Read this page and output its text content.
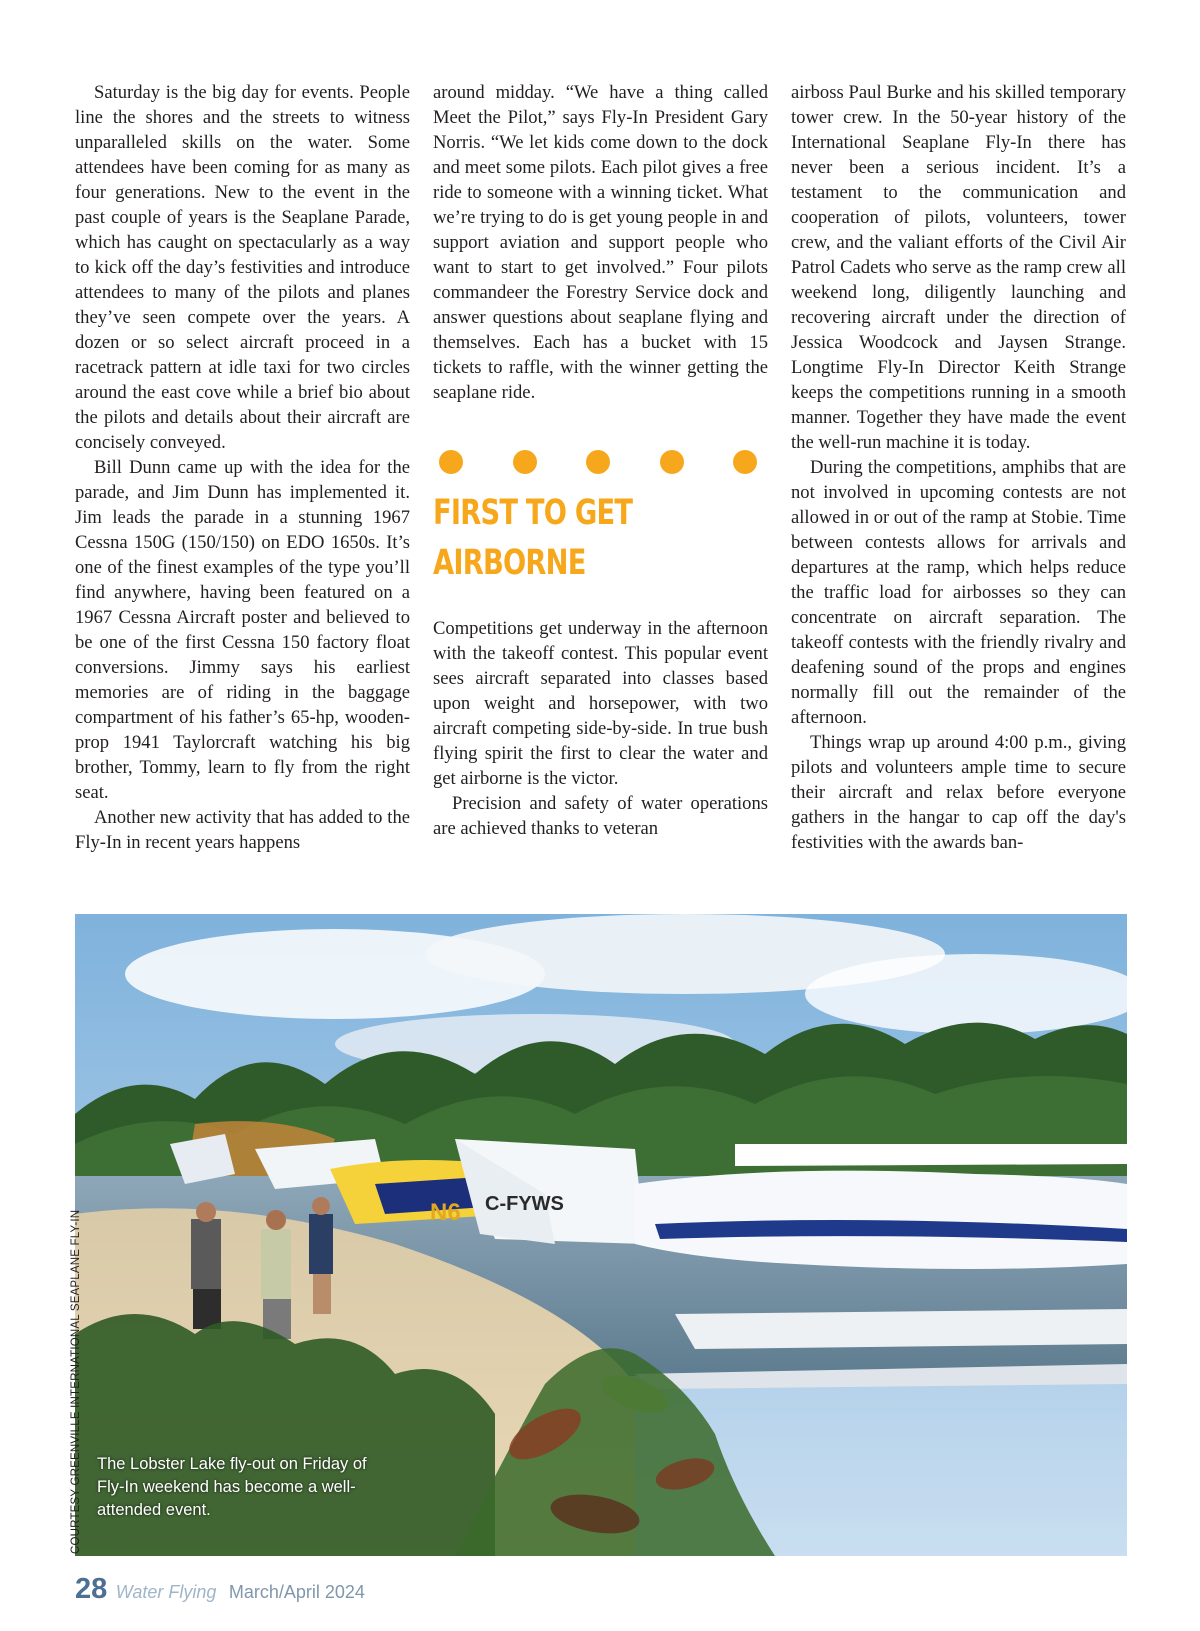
Saturday is the big day for events. People line the shores and the streets to witness unparalleled skills on the water. Some attendees have been coming for as many as four generations. New to the event in the past couple of years is the Seaplane Parade, which has caught on spectacularly as a way to kick off the day’s festivities and introduce attendees to many of the pilots and planes they’ve seen compete over the years. A dozen or so select aircraft proceed in a racetrack pattern at idle taxi for two circles around the east cove while a brief bio about the pilots and details about their aircraft are concisely conveyed.

Bill Dunn came up with the idea for the parade, and Jim Dunn has implemented it. Jim leads the parade in a stunning 1967 Cessna 150G (150/150) on EDO 1650s. It’s one of the finest examples of the type you’ll find anywhere, having been featured on a 1967 Cessna Aircraft poster and believed to be one of the first Cessna 150 factory float conversions. Jimmy says his earliest memories are of riding in the baggage compartment of his father’s 65-hp, wooden-prop 1941 Taylorcraft watching his big brother, Tommy, learn to fly from the right seat.

Another new activity that has added to the Fly-In in recent years happens

around midday. “We have a thing called Meet the Pilot,” says Fly-In President Gary Norris. “We let kids come down to the dock and meet some pilots. Each pilot gives a free ride to someone with a winning ticket. What we’re trying to do is get young people in and support aviation and support people who want to start to get involved.” Four pilots commandeer the Forestry Service dock and answer questions about seaplane flying and themselves. Each has a bucket with 15 tickets to raffle, with the winner getting the seaplane ride.

FIRST TO GET
AIRBORNE

Competitions get underway in the afternoon with the takeoff contest. This popular event sees aircraft separated into classes based upon weight and horsepower, with two aircraft competing side-by-side. In true bush flying spirit the first to clear the water and get airborne is the victor.

Precision and safety of water operations are achieved thanks to veteran

airboss Paul Burke and his skilled temporary tower crew. In the 50-year history of the International Seaplane Fly-In there has never been a serious incident. It’s a testament to the communication and cooperation of pilots, volunteers, tower crew, and the valiant efforts of the Civil Air Patrol Cadets who serve as the ramp crew all weekend long, diligently launching and recovering aircraft under the direction of Jessica Woodcock and Jaysen Strange. Longtime Fly-In Director Keith Strange keeps the competitions running in a smooth manner. Together they have made the event the well-run machine it is today.

During the competitions, amphibs that are not involved in upcoming contests are not allowed in or out of the ramp at Stobie. Time between contests allows for arrivals and departures at the ramp, which helps reduce the traffic load for airbosses so they can concentrate on aircraft separation. The takeoff contests with the friendly rivalry and deafening sound of the props and engines normally fill out the remainder of the afternoon.

Things wrap up around 4:00 p.m., giving pilots and volunteers ample time to secure their aircraft and relax before everyone gathers in the hangar to cap off the day's festivities with the awards ban-

C-FYWS
N6
The Lobster Lake fly-out on Friday of Fly-In weekend has become a well-attended event.
COURTESY GREENVILLE INTERNATIONAL SEAPLANE FLY-IN
28 Water Flying March/April 2024
